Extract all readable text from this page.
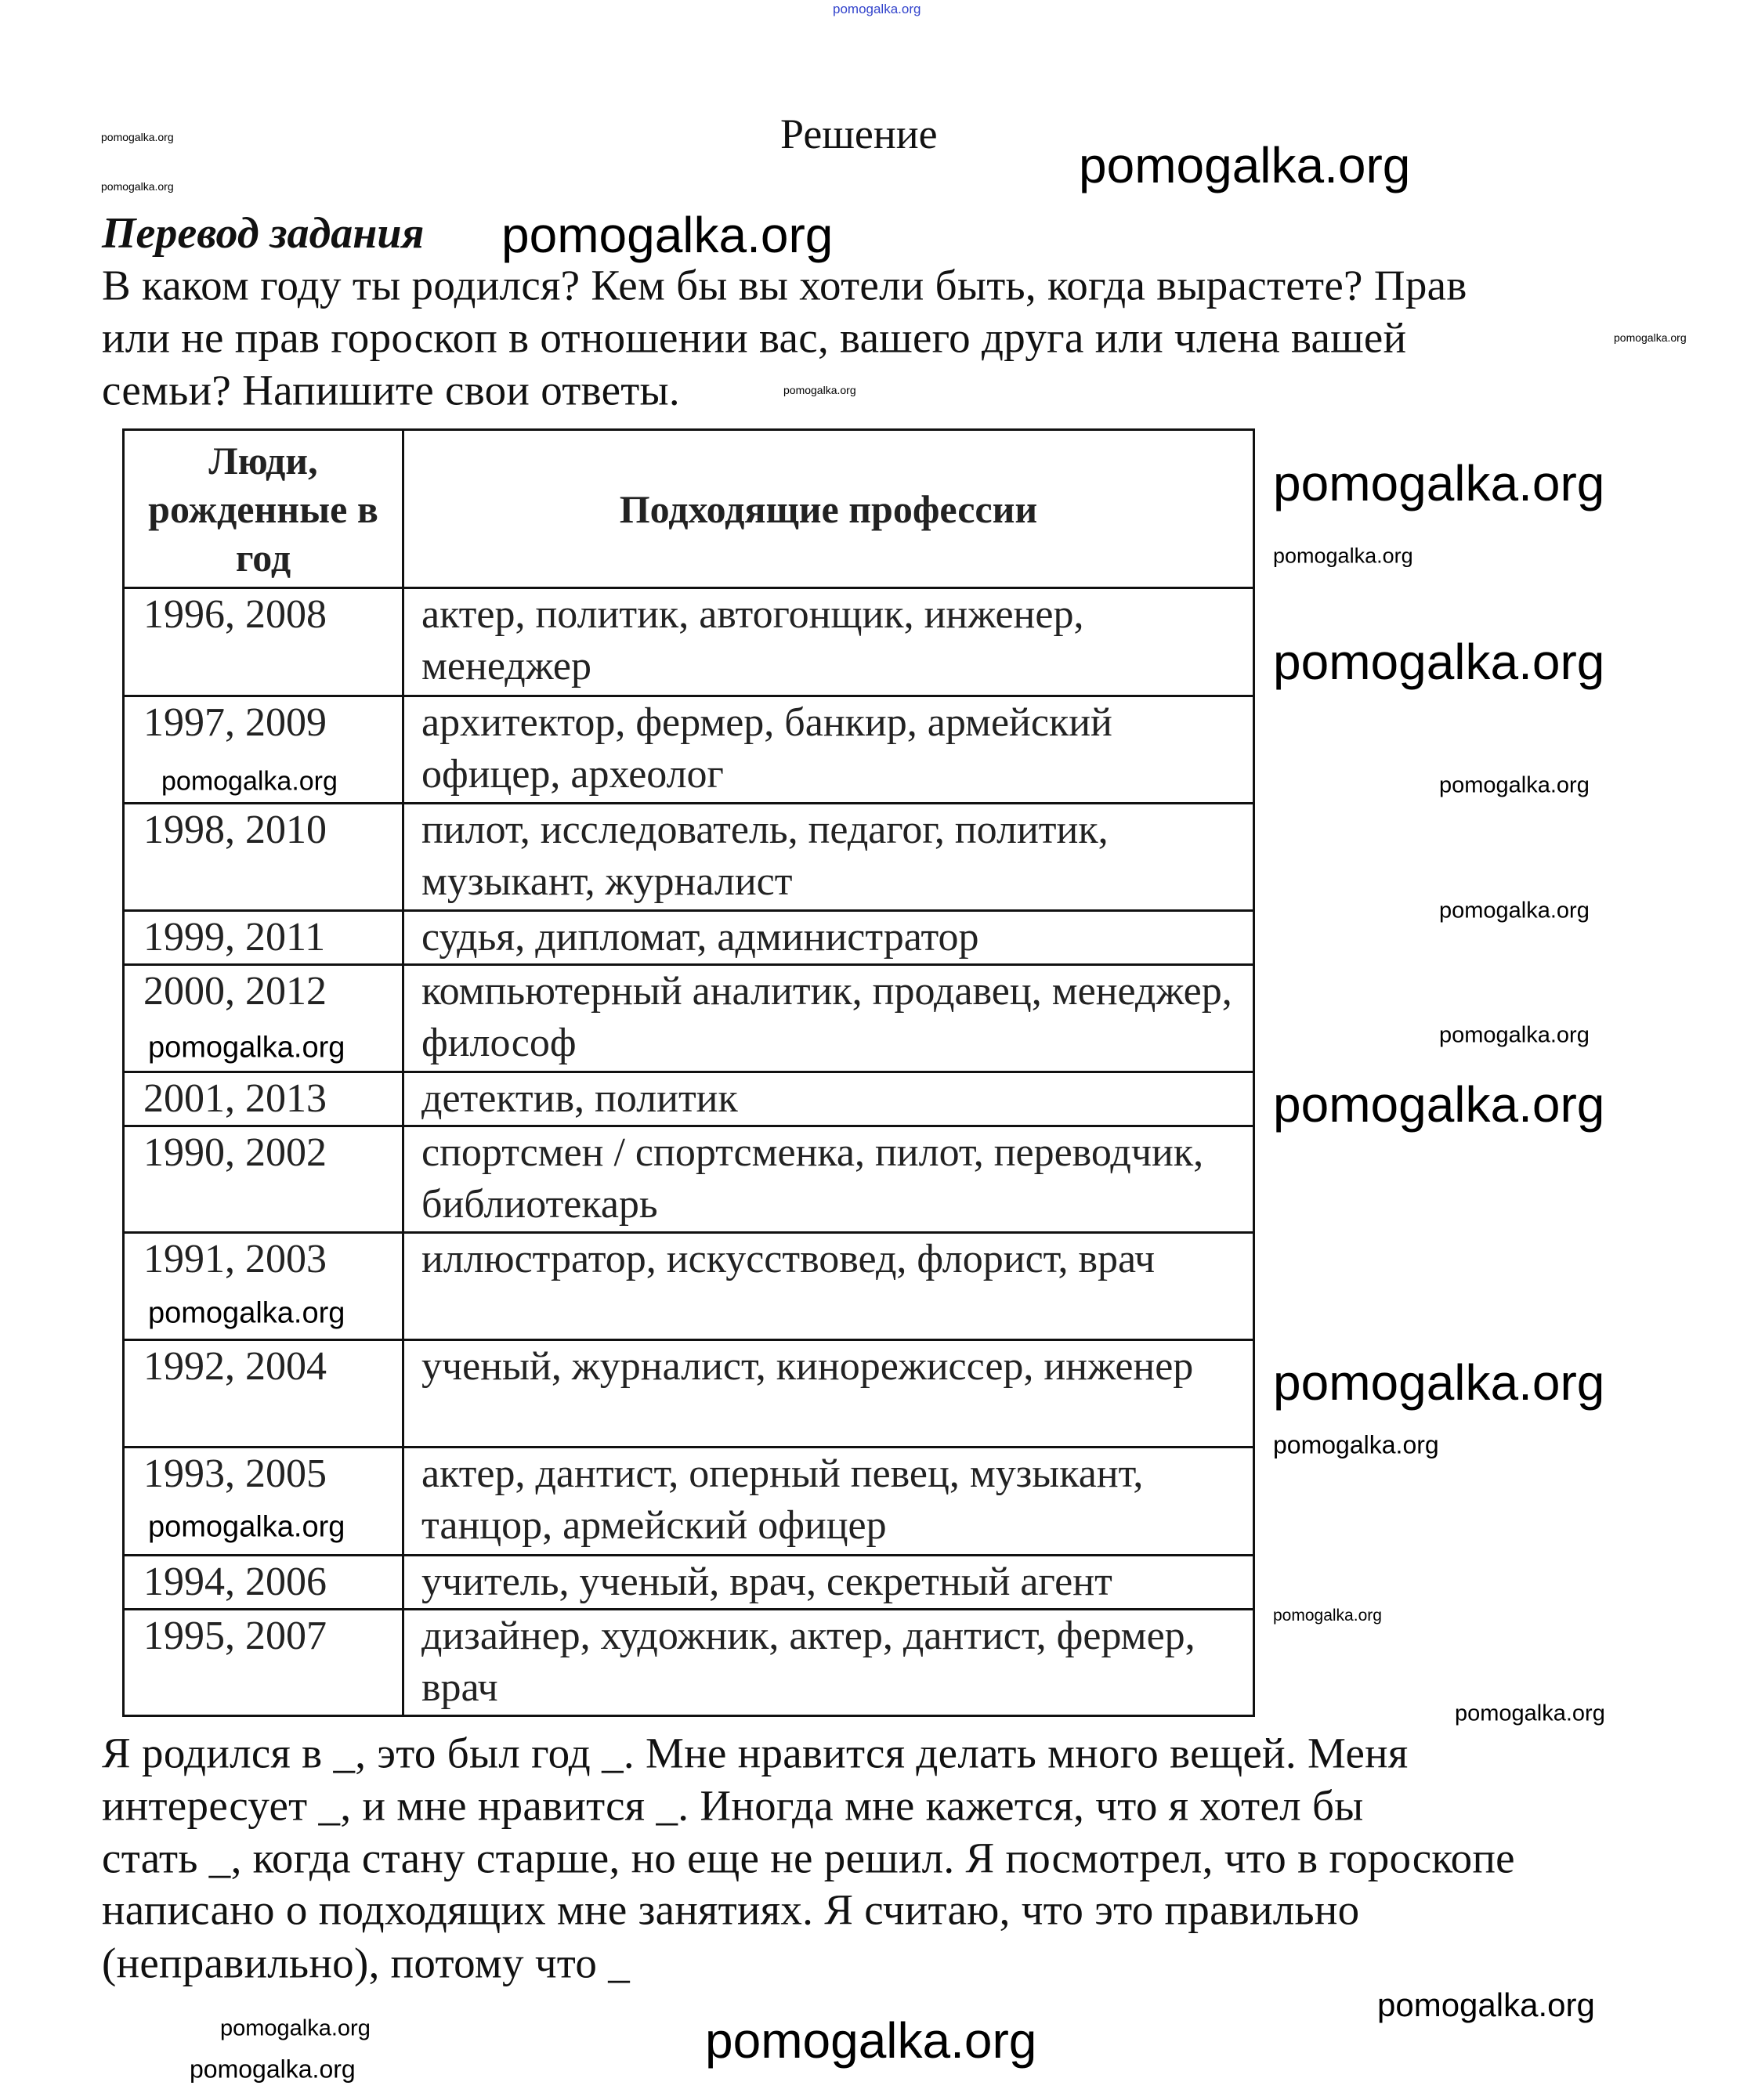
pomogalka.org
Решение
Перевод задания
В каком году ты родился? Кем бы вы хотели быть, когда вырастете? Прав
или не прав гороскоп в отношении вас, вашего друга или члена вашей
семьи? Напишите свои ответы.
Люди, рожденные в год	Подходящие профессии
1996, 2008	актер, политик, автогонщик, инженер, менеджер
1997, 2009	архитектор, фермер, банкир, армейский офицер, археолог
1998, 2010	пилот, исследователь, педагог, политик, музыкант, журналист
1999, 2011	судья, дипломат, администратор
2000, 2012	компьютерный аналитик, продавец, менеджер, философ
2001, 2013	детектив, политик
1990, 2002	спортсмен / спортсменка, пилот, переводчик, библиотекарь
1991, 2003	иллюстратор, искусствовед, флорист, врач
1992, 2004	ученый, журналист, кинорежиссер, инженер
1993, 2005	актер, дантист, оперный певец, музыкант, танцор, армейский офицер
1994, 2006	учитель, ученый, врач, секретный агент
1995, 2007	дизайнер, художник, актер, дантист, фермер, врач
Я родился в _, это был год _. Мне нравится делать много вещей. Меня
интересует _, и мне нравится _. Иногда мне кажется, что я хотел бы
стать _, когда стану старше, но еще не решил. Я посмотрел, что в гороскопе
написано о подходящих мне занятиях. Я считаю, что это правильно
(неправильно), потому что _
pomogalka.org	pomogalka.org
pomogalka.org
pomogalka.org
pomogalka.org
pomogalka.org
pomogalka.org
pomogalka.org
pomogalka.org
pomogalka.org	pomogalka.org
pomogalka.org
pomogalka.org
pomogalka.org
pomogalka.org
pomogalka.org
pomogalka.org
pomogalka.org
pomogalka.org
pomogalka.org
pomogalka.org
pomogalka.org
pomogalka.org
pomogalka.org
pomogalka.org
